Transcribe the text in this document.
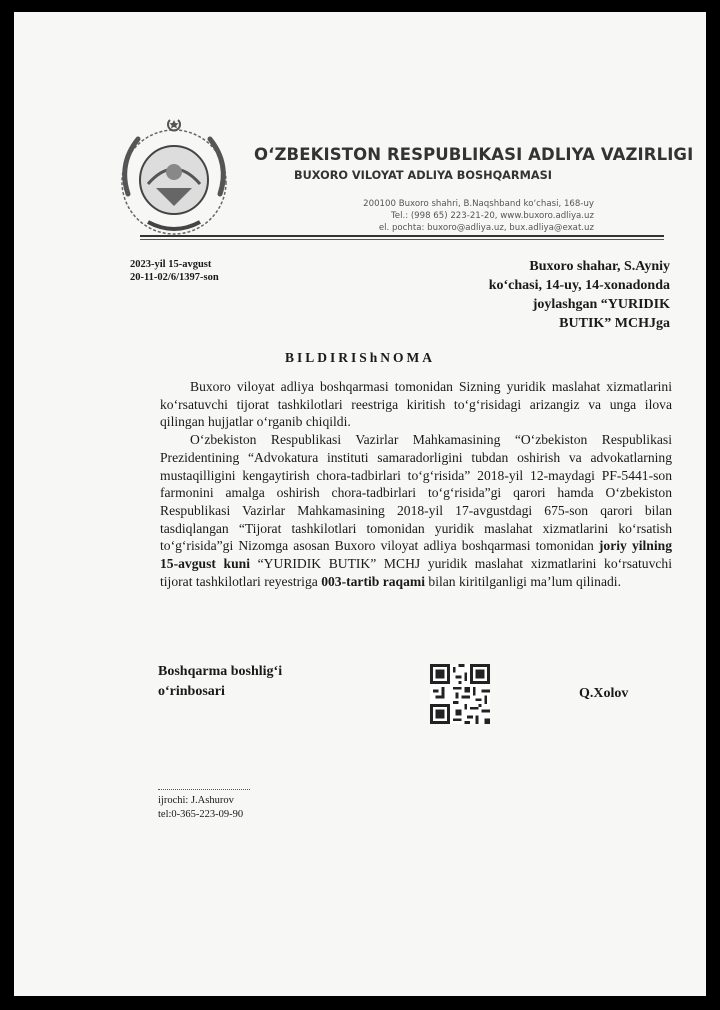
O‘ZBEKISTON RESPUBLIKASI ADLIYA VAZIRLIGI
BUXORO VILOYAT ADLIYA BOSHQARMASI
200100 Buxoro shahri, B.Naqshband ko‘chasi, 168-uy
Tel.: (998 65) 223-21-20, www.buxoro.adliya.uz
el. pochta: buxoro@adliya.uz, bux.adliya@exat.uz
2023-yil 15-avgust
20-11-02/6/1397-son
Buxoro shahar, S.Ayniy
ko‘chasi, 14-uy, 14-xonadonda
joylashgan “YURIDIK
BUTIK” MCHJga
BILDIRIShNOMA

Buxoro viloyat adliya boshqarmasi tomonidan Sizning yuridik maslahat xizmatlarini ko‘rsatuvchi tijorat tashkilotlari reestriga kiritish to‘g‘risidagi arizangiz va unga ilova qilingan hujjatlar o‘rganib chiqildi.

O‘zbekiston Respublikasi Vazirlar Mahkamasining “O‘zbekiston Respublikasi Prezidentining “Advokatura instituti samaradorligini tubdan oshirish va advokatlarning mustaqilligini kengaytirish chora-tadbirlari to‘g‘risida” 2018-yil 12-maydagi PF-5441-son farmonini amalga oshirish chora-tadbirlari to‘g‘risida”gi qarori hamda O‘zbekiston Respublikasi Vazirlar Mahkamasining 2018-yil 17-avgustdagi 675-son qarori bilan tasdiqlangan “Tijorat tashkilotlari tomonidan yuridik maslahat xizmatlarini ko‘rsatish to‘g‘risida”gi Nizomga asosan Buxoro viloyat adliya boshqarmasi tomonidan joriy yilning 15-avgust kuni “YURIDIK BUTIK” MCHJ yuridik maslahat xizmatlarini ko‘rsatuvchi tijorat tashkilotlari reyestriga 003-tartib raqami bilan kiritilganligi ma’lum qilinadi.

Boshqarma boshlig‘i
o‘rinbosari	Q.Xolov
ijrochi: J.Ashurov
tel:0-365-223-09-90
